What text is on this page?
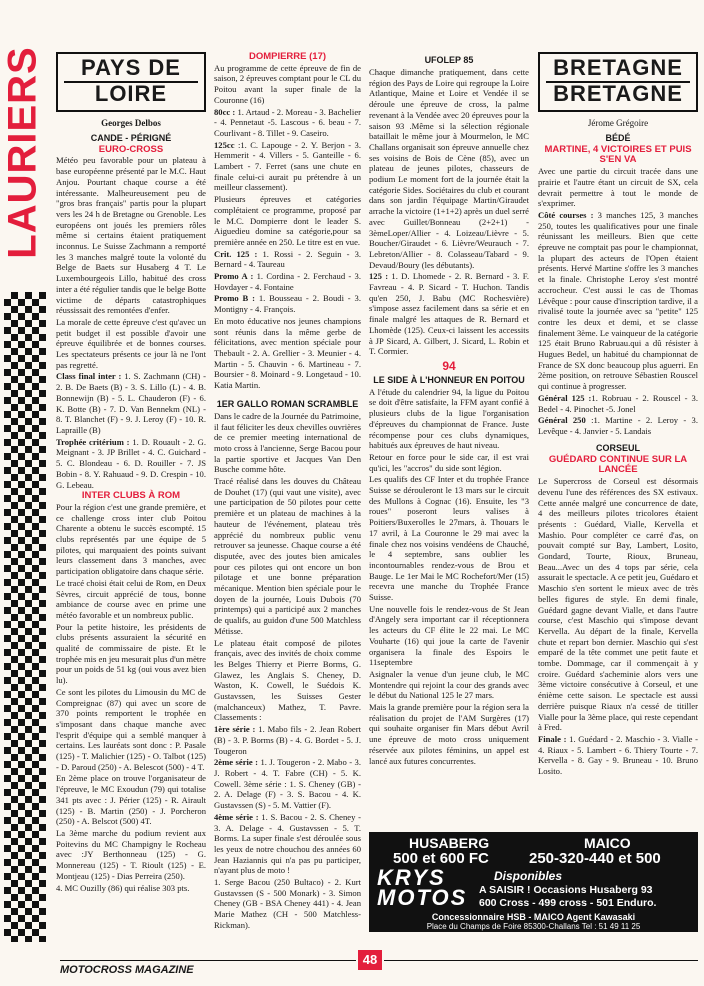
LAURIERS	PAYS DE
LOIRE
Georges Delbos
CANDE - PÉRIGNÉ
EURO-CROSS

Météo peu favorable pour un plateau à base européenne présenté par le M.C. Haut Anjou. Pourtant chaque course a été intéressante. Malheureusement peu de "gros bras français" partis pour la plupart vers les 24 h de Bretagne ou Grenoble. Les européens ont joués les premiers rôles même si certains étaient pratiquement inconnus. Le Suisse Zachmann a remporté les 3 manches malgré toute la volonté du Belge de Baets sur Husaberg 4 T. Le Luxembourgeois Lillo, habitué des cross inter a été régulier tandis que le belge Botte victime de départs catastrophiques réussissait des remontées d'enfer.

La morale de cette épreuve c'est qu'avec un petit budget il est possible d'avoir une épreuve équilibrée et de bonnes courses. Les spectateurs présents ce jour là ne l'ont pas regretté.

Class final inter : 1. S. Zachmann (CH) - 2. B. De Baets (B) - 3. S. Lillo (L) - 4. B. Bonnewijn (B) - 5. L. Chauderon (F) - 6. K. Botte (B) - 7. D. Van Bennekm (NL) - 8. T. Blanchet (F) - 9. J. Leroy (F) - 10. R. Lapraille (B)

Trophée critérium : 1. D. Rouault - 2. G. Meignant - 3. JP Brillet - 4. C. Guichard - 5. C. Blondeau - 6. D. Rouiller - 7. JS Bobin - 8. Y. Rahuaud - 9. D. Crespin - 10. G. Lebeau.

INTER CLUBS À ROM

Pour la région c'est une grande première, et ce challenge cross inter club Poitou Charente a obtenu le succès escompté. 15 clubs représentés par une équipe de 5 pilotes, qui marquaient des points suivant leurs classement dans 3 manches, avec participation obligatoire dans chaque série.

Le tracé choisi était celui de Rom, en Deux Sèvres, circuit apprécié de tous, bonne ambiance de course avec en prime une météo favorable et un nombreux public.

Pour la petite histoire, les présidents de clubs présents assuraient la sécurité en qualité de commissaire de piste. Et le trophée mis en jeu mesurait plus d'un mètre pour un poids de 51 kg (oui vous avez bien lu).

Ce sont les pilotes du Limousin du MC de Compreignac (87) qui avec un score de 370 points remportent le trophée en s'imposant dans chaque manche avec l'esprit d'équipe qui a semblé manquer à certains. Les lauréats sont donc : P. Pasale (125) - T. Malichier (125) - O. Talbot (125) - D. Paroud (250) - A. Belescot (500) - 4 T.

En 2ème place on trouve l'organisateur de l'épreuve, le MC Exoudun (79) qui totalise 341 pts avec : J. Périer (125) - R. Airault (125) - B. Martin (250) - J. Porcheron (250) - A. Belscot (500) 4T.

La 3ème marche du podium revient aux Poitevins du MC Champigny le Rocheau avec :JY Berthonneau (125) - G. Monnereau (125) - T. Rioult (125) - E. Montjeau (125) - Dias Perreira (250).

4. MC Ouzilly (86) qui réalise 303 pts.

DOMPIERRE (17)

Au programme de cette épreuve de fin de saison, 2 épreuves comptant pour le CL du Poitou avant la super finale de la Couronne (16)

80cc : 1. Artaud - 2. Moreau - 3. Bachelier - 4. Pennetaut -5. Lascous - 6. beau - 7. Courlivant - 8. Tillet - 9. Caseiro.

125cc :1. C. Lapouge - 2. Y. Berjon - 3. Hemmerit - 4. Villers - 5. Ganteille - 6. Lambert - 7. Ferret (sans une chute en finale celui-ci aurait pu prétendre à un meilleur classement).

Plusieurs épreuves et catégories complétaient ce programme, proposé par le M.C. Dompierre dont le leader S. Aiguedieu domine sa catégorie,pour sa première année en 250. Le titre est en vue.

Crit. 125 : 1. Rossi - 2. Seguin - 3. Bernard - 4. Taureau

Promo A : 1. Cordina - 2. Ferchaud - 3. Hovdayer - 4. Fontaine

Promo B : 1. Bousseau - 2. Boudi - 3. Montigny - 4. François.

En moto éducative nos jeunes champions sont réunis dans la même gerbe de félicitations, avec mention spéciale pour Thebault - 2. A. Grellier - 3. Meunier - 4. Martin - 5. Chauvin - 6. Martineau - 7. Boursier - 8. Moinard - 9. Longetaud - 10. Katia Martin.

1ER GALLO ROMAN SCRAMBLE

Dans le cadre de la Journée du Patrimoine, il faut féliciter les deux chevilles ouvrières de ce premier meeting international de moto cross à l'ancienne, Serge Bacou pour la partie sportive et Jacques Van Den Busche comme hôte.

Tracé réalisé dans les douves du Château de Douhet (17) (qui vaut une visite), avec une participation de 50 pilotes pour cette première et un plateau de machines à la hauteur de l'événement, plateau très apprécié du nombreux public venu retrouver sa jeunesse. Chaque course a été disputée, avec des joutes bien amicales pour ces pilotes qui ont encore un bon pilotage et une bonne préparation mécanique. Mention bien spéciale pour le doyen de la journée, Louis Dubois (70 printemps) qui a participé aux 2 manches de qualifs, au guidon d'une 500 Matchless Métisse.

Le plateau était composé de pilotes français, avec des invités de choix comme les Belges Thierry et Pierre Borms, G. Glawez, les Anglais S. Cheney, D. Waston, K. Cowell, le Suédois K. Gustavssen, les Suisses Gester (malchanceux) Mathez, T. Pavre. Classements :

1ère série : 1. Mabo fils - 2. Jean Robert (B) - 3. P. Borms (B) - 4. G. Bordet - 5. J. Tougeron

2ème série : 1. J. Tougeron - 2. Mabo - 3. J. Robert - 4. T. Fabre (CH) - 5. K. Cowell. 3ème série : 1. S. Cheney (GB) - 2. A. Delage (F) - 3. S. Bacou - 4. K. Gustavssen (S) - 5. M. Vattier (F).

4ème série : 1. S. Bacou - 2. S. Cheney - 3. A. Delage - 4. Gustavssen - 5. T. Borms. La super finale s'est déroulée sous les yeux de notre chouchou des années 60 Jean Haziannis qui n'a pas pu participer, n'ayant plus de moto !

1. Serge Bacou (250 Bultaco) - 2. Kurt Gustavssen (S - 500 Monark) - 3. Simon Cheney (GB - BSA Cheney 441) - 4. Jean Marie Mathez (CH - 500 Matchless-Rickman).

UFOLEP 85

Chaque dimanche pratiquement, dans cette région des Pays de Loire qui regroupe la Loire Atlantique, Maine et Loire et Vendée il se déroule une épreuve de cross, la palme revenant à la Vendée avec 20 épreuves pour la saison 93 .Même si la sélection régionale bataillait le même jour à Mourmelon, le MC Challans organisait son épreuve annuelle chez ses voisins de Bois de Cène (85), avec un plateau de jeunes pilotes, chasseurs de podium Le moment fort de la journée était la catégorie Sides. Sociétaires du club et courant dans son jardin l'équipage Martin/Giraudet arrache la victoire (1+1+2) après un duel serré avec Guillet/Bonneau (2+2+1) - 3èmeLoper/Allier - 4. Loizeau/Lièvre - 5. Boucher/Giraudet - 6. Lièvre/Weurauch - 7. Lebreton/Allier - 8. Colasseau/Tabard - 9. Devaud/Boury (les débutants).

125 : 1. D. Lhomede - 2. R. Bernard - 3. F. Favreau - 4. P. Sicard - T. Huchon. Tandis qu'en 250, J. Babu (MC Rochesvière) s'impose assez facilement dans sa série et en finale malgré les attaques de R. Bernard et Lhomède (125). Ceux-ci laissent les accessits à JP Sicard, A. Gilbert, J. Sicard, L. Robin et T. Cormier.

94
LE SIDE À L'HONNEUR EN POITOU

A l'étude du calendrier 94, la ligue du Poitou se doit d'être satisfaite, la FFM ayant confié à plusieurs clubs de la ligue l'organisation d'épreuves du championnat de France. Juste récompense pour ces clubs dynamiques, habitués aux épreuves de haut niveau.

Retour en force pour le side car, il est vrai qu'ici, les "accros" du side sont légion.

Les qualifs des CF Inter et du trophée France Suisse se dérouleront le 13 mars sur le circuit des Mullons à Cognac (16). Ensuite, les "3 roues" poseront leurs valises à Poitiers/Buxerolles le 27mars, à. Thouars le 17 avril, à La Couronne le 29 mai avec la finale chez nos voisins vendéens de Chauché, le 4 septembre, sans oublier les incontournables rendez-vous de Brou et Bauge. Le 1er Mai le MC Rochefort/Mer (15) recevra une manche du Trophée France Suisse.

Une nouvelle fois le rendez-vous de St Jean d'Angely sera important car il réceptionnera les acteurs du CF élite le 22 mai. Le MC Vouharte (16) qui joue la carte de l'avenir organisera la finale des Espoirs le 11septembre

Asignaler la venue d'un jeune club, le MC Montendre qui rejoint la cour des grands avec le début du National 125 le 27 mars.

Mais la grande première pour la région sera la réalisation du projet de l'AM Surgères (17) qui souhaite organiser fin Mars début Avril une épreuve de moto cross uniquement réservée aux pilotes féminins, un appel est lancé aux futures concurrentes.

BRETAGNE
BRETAGNE
Jérome Grégoire
BÉDÉ
MARTINE, 4 VICTOIRES ET PUIS S'EN VA

Avec une partie du circuit tracée dans une prairie et l'autre étant un circuit de SX, cela devrait permettre à tout le monde de s'exprimer.

Côté courses : 3 manches 125, 3 manches 250, toutes les qualificatives pour une finale réunissant les meilleurs. Bien que cette épreuve ne comptait pas pour le championnat, la plupart des acteurs de l'Open étaient présents. Hervé Martine s'offre les 3 manches et la finale. Christophe Leroy s'est montré accrocheur. C'est aussi le cas de Thomas Lévêque : pour cause d'inscription tardive, il a rivalisé toute la journée avec sa "petite" 125 contre les deux et demi, et se classe finalement 3ème. Le vainqueur de la catégorie 125 était Bruno Rabruau.qui a dû résister à Hugues Bedel, un habitué du championnat de France de SX donc beaucoup plus aguerri. En 2ème position, on retrouve Sébastien Rouscel qui continue à progresser.

Général 125 :1. Robruau - 2. Rouscel - 3. Bedel - 4. Pinochet -5. Jonel

Général 250 :1. Martine - 2. Leroy - 3. Levêque - 4. Janvier - 5. Landais

CORSEUL
GUÉDARD CONTINUE SUR LA LANCÉE

Le Supercross de Corseul est désormais devenu l'une des références des SX estivaux. Cette année malgré une concurrence de date, 4 des meilleurs pilotes tricolores étaient présents : Guédard, Vialle, Kervella et Mashio. Pour compléter ce carré d'as, on pouvait compté sur Bay, Lambert, Losito, Gondard, Tourte, Rioux, Bruneau, Beau...Avec un des 4 tops par série, cela assurait le spectacle. A ce petit jeu, Guédaro et Maschio s'en sortent le mieux avec de très belles figures de style. En demi finale, Guédard gagne devant Vialle, et dans l'autre course, c'est Maschio qui s'impose devant Kervella. Au départ de la finale, Kervella chute et repart bon dernier. Maschio qui s'est emparé de la tête commet une petit faute et tombe. Dommage, car il commençait à y croire. Guédard s'acheminie alors vers une 3ème victoire consécutive à Corseul, et une énième cette saison. Le spectacle est aussi derrière puisque Riaux n'a cessé de titiller Vialle pour la 3ème place, qui reste cependant à Fred.

Finale : 1. Guédard - 2. Maschio - 3. Vialle - 4. Riaux - 5. Lambert - 6. Thiery Tourte - 7. Kervella - 8. Gay - 9. Bruneau - 10. Bruno Losito.

HUSABERG
500 et 600 FC
MAICO
250-320-440 et 500
KRYS MOTOS
Disponibles
A SAISIR ! Occasions Husaberg 93
600 Cross - 499 cross - 501 Enduro.
Concessionnaire HSB - MAICO Agent Kawasaki
Place du Champs de Foire 85300-Challans Tel : 51 49 11 25
MOTOCROSS MAGAZINE
48
